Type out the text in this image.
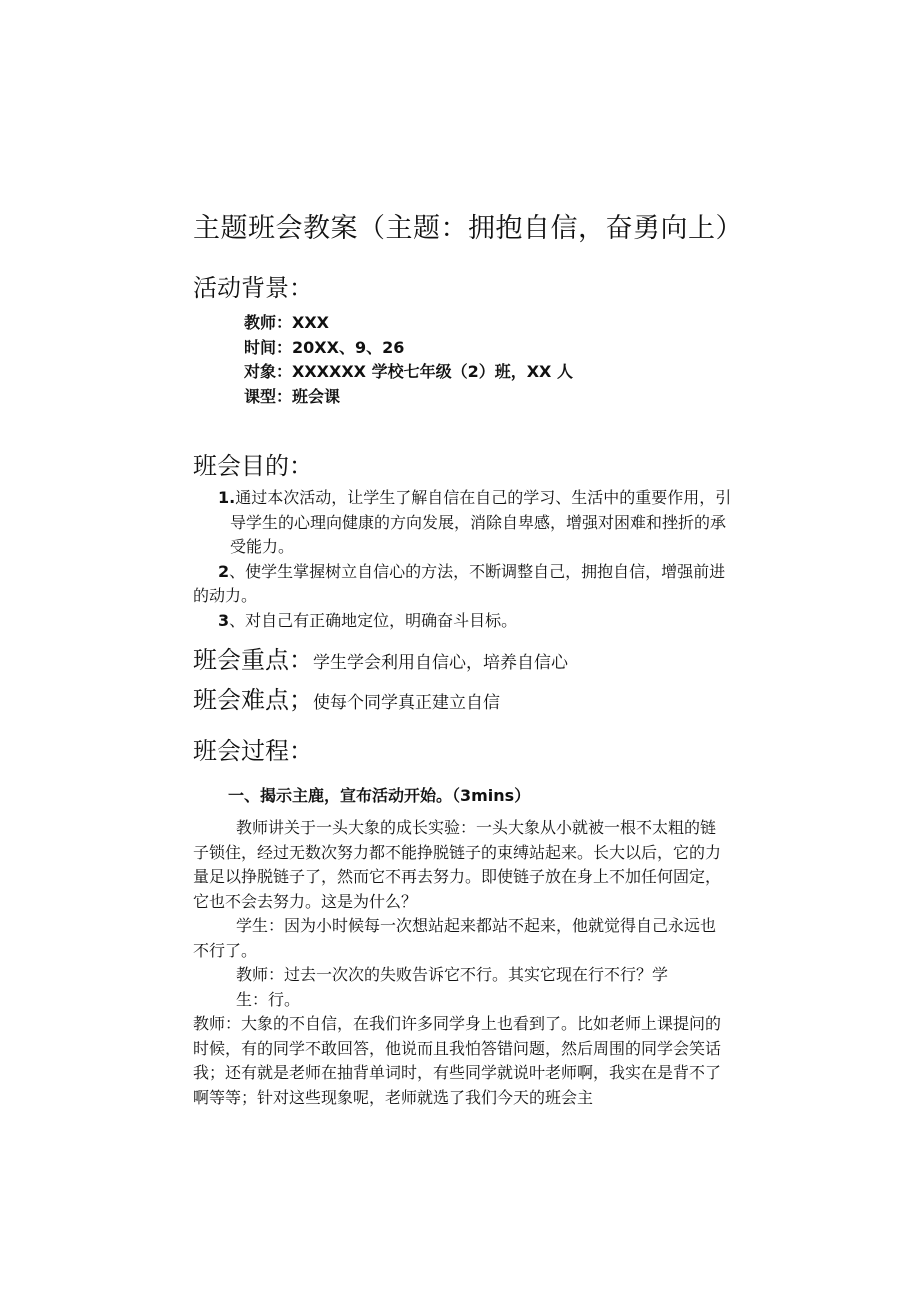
主题班会教案（主题：拥抱自信，奋勇向上）
活动背景：
教师：XXX
时间：20XX、9、26
对象：XXXXXX 学校七年级（2）班，XX 人
课型：班会课
班会目的：
1.通过本次活动，让学生了解自信在自己的学习、生活中的重要作用，引导学生的心理向健康的方向发展，消除自卑感，增强对困难和挫折的承受能力。
2、使学生掌握树立自信心的方法，不断调整自己，拥抱自信，增强前进的动力。
3、对自己有正确地定位，明确奋斗目标。
班会重点：学生学会利用自信心，培养自信心
班会难点；使每个同学真正建立自信
班会过程：
一、揭示主鹿，宣布活动开始。（3mins）

教师讲关于一头大象的成长实验：一头大象从小就被一根不太粗的链子锁住，经过无数次努力都不能挣脱链子的束缚站起来。长大以后，它的力量足以挣脱链子了，然而它不再去努力。即使链子放在身上不加任何固定，它也不会去努力。这是为什么？

学生：因为小时候每一次想站起来都站不起来，他就觉得自己永远也不行了。

教师：过去一次次的失败告诉它不行。其实它现在行不行？学

生：行。

教师：大象的不自信，在我们许多同学身上也看到了。比如老师上课提问的时候，有的同学不敢回答，他说而且我怕答错问题，然后周围的同学会笑话我；还有就是老师在抽背单词时，有些同学就说叶老师啊，我实在是背不了啊等等；针对这些现象呢，老师就选了我们今天的班会主
